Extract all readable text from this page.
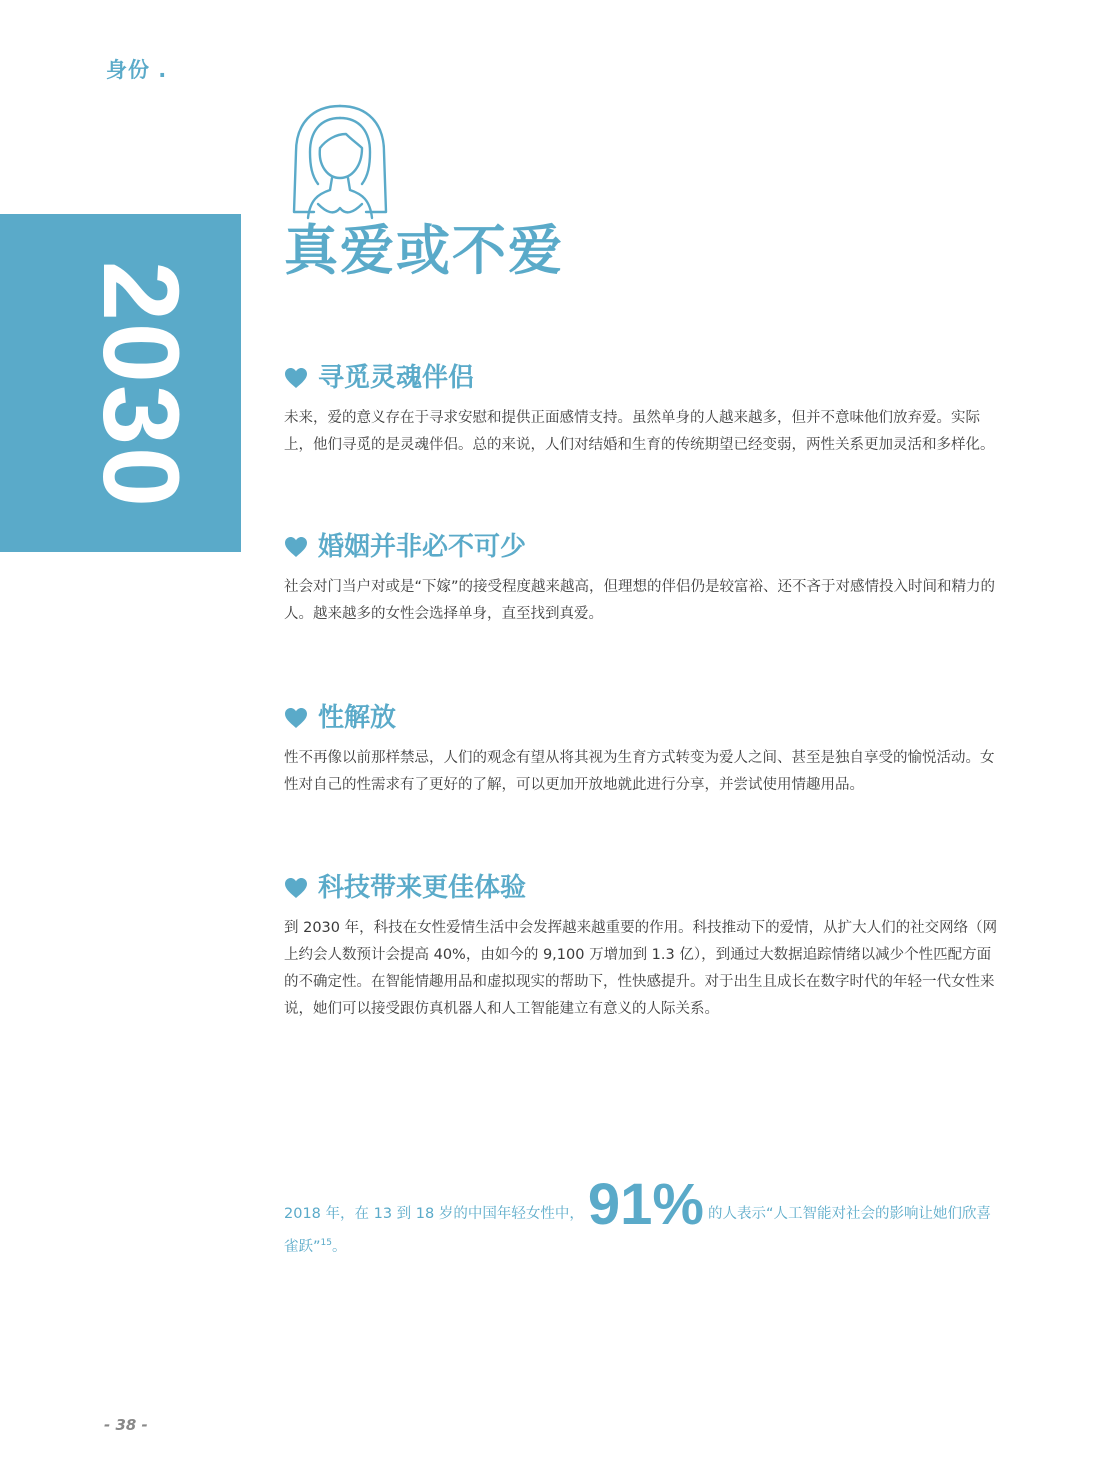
身份 .
2030
真爱或不爱
寻觅灵魂伴侣

未来，爱的意义存在于寻求安慰和提供正面感情支持。虽然单身的人越来越多，但并不意味他们放弃爱。实际上，他们寻觅的是灵魂伴侣。总的来说，人们对结婚和生育的传统期望已经变弱，两性关系更加灵活和多样化。

婚姻并非必不可少

社会对门当户对或是“下嫁”的接受程度越来越高，但理想的伴侣仍是较富裕、还不吝于对感情投入时间和精力的人。越来越多的女性会选择单身，直至找到真爱。

性解放

性不再像以前那样禁忌，人们的观念有望从将其视为生育方式转变为爱人之间、甚至是独自享受的愉悦活动。女性对自己的性需求有了更好的了解，可以更加开放地就此进行分享，并尝试使用情趣用品。

科技带来更佳体验

到 2030 年，科技在女性爱情生活中会发挥越来越重要的作用。科技推动下的爱情，从扩大人们的社交网络（网上约会人数预计会提高 40%，由如今的 9,100 万增加到 1.3 亿），到通过大数据追踪情绪以减少个性匹配方面的不确定性。在智能情趣用品和虚拟现实的帮助下，性快感提升。对于出生且成长在数字时代的年轻一代女性来说，她们可以接受跟仿真机器人和人工智能建立有意义的人际关系。

2018 年，在 13 到 18 岁的中国年轻女性中，91% 的人表示“人工智能对社会的影响让她们欣喜雀跃”$^{15}$。
- 38 -
